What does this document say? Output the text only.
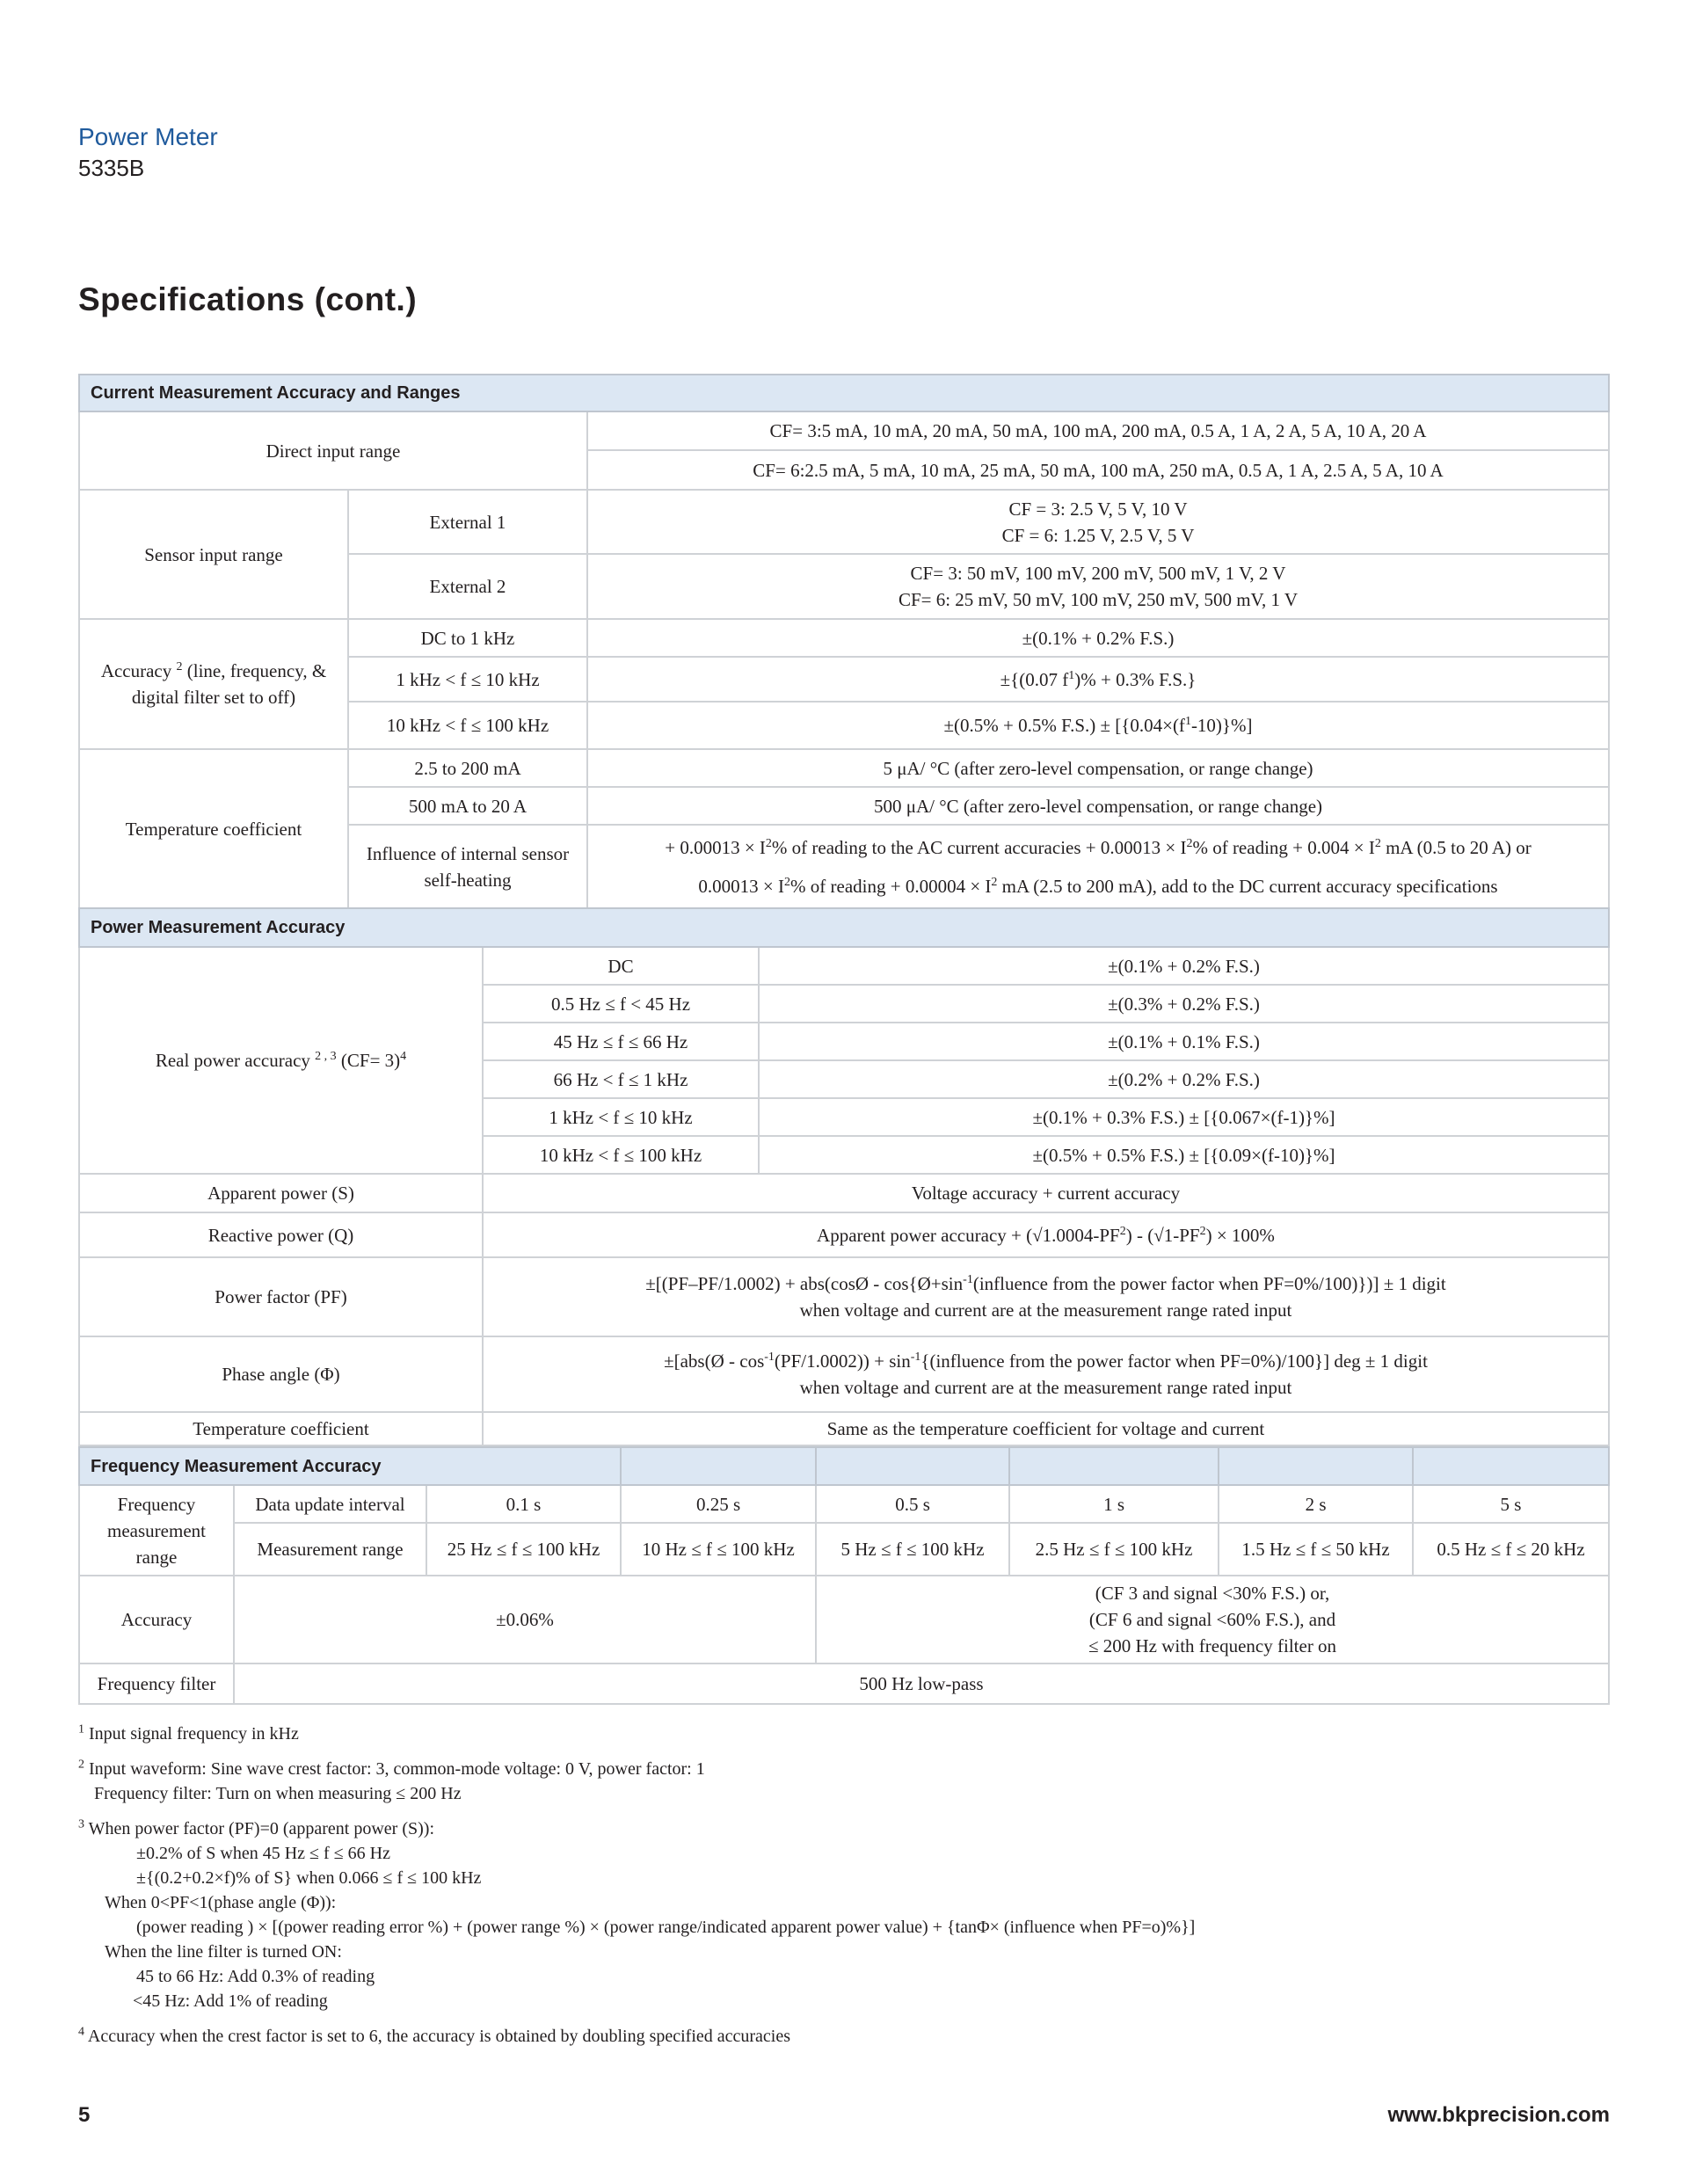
Power Meter
5335B
Specifications (cont.)
Current Measurement Accuracy and Ranges		
Direct input range		CF= 3:5 mA, 10 mA, 20 mA, 50 mA, 100 mA, 200 mA, 0.5 A, 1 A, 2 A, 5 A, 10 A, 20 A
		CF= 6:2.5 mA, 5 mA, 10 mA, 25 mA, 50 mA, 100 mA, 250 mA, 0.5 A, 1 A, 2.5 A, 5 A, 10 A
Sensor input range	External 1	CF = 3: 2.5 V, 5 V, 10 V
CF = 6: 1.25 V, 2.5 V, 5 V

	External 2	CF= 3: 50 mV, 100 mV, 200 mV, 500 mV, 1 V, 2 V
CF= 6: 25 mV, 50 mV, 100 mV, 250 mV, 500 mV, 1 V

Accuracy $^2$ (line, frequency, & digital filter set to off)	DC to 1 kHz	±(0.1% + 0.2% F.S.)
	1 kHz < f ≤ 10 kHz	±{(0.07 $f^1)\% + 0.3\%$ F.S.}
	10 kHz < f ≤ 100 kHz	±(0.5% + 0.5% $F.S.) \pm [\{0.04\times(f^1-10)\}\%]$
Temperature coefficient	2.5 to 200 mA	5 μA/ °C (after zero-level compensation, or range change)
	500 mA to 20 A	500 μA/ °C (after zero-level compensation, or range change)
	Influence of internal sensor self-heating	+ $0.00013 \times I^2\%$ of reading to the AC current accuracies + $0.00013 \times I^2\%$ of reading + $0.004 \times I^2$ mA (0.5 to 20 A) or
$0.00013 \times I^2\%$ of reading + $0.00004 \times I^2$ mA (2.5 to 200 mA), add to the DC current accuracy specifications
Power Measurement Accuracy		
Real power accuracy $^{2 , 3}$ (CF= 3)$^4$	DC	±(0.1% + 0.2% F.S.)
	0.5 Hz ≤ f < 45 Hz	±(0.3% + 0.2% F.S.)
	45 Hz ≤ f ≤ 66 Hz	±(0.1% + 0.1% F.S.)
	66 Hz < f ≤ 1 kHz	±(0.2% + 0.2% F.S.)
	1 kHz < f ≤ 10 kHz	±(0.1% + 0.3% F.S.) ± [{0.067×(f-1)}%]
	10 kHz < f ≤ 100 kHz	±(0.5% + 0.5% F.S.) ± [{0.09×(f-10)}%]
Apparent power (S)	Voltage accuracy + current accuracy	
Reactive power (Q)	Apparent power accuracy + $(√1.0004-PF^2) - (√1-PF^2) \times 100\%$	
Power factor (PF)	±[(PF–PF/1.0002) + abs(cosØ - $\cos\{Ø+\sin^{-1}(influence$ from the power factor when PF=0%/100)})] ± 1 digit
when voltage and current are at the measurement range rated input	

Phase angle (Φ)	±[abs(Ø - $\cos^{-1}(PF/1.0002)$) + $\sin^{-1}\{(influence$ from the power factor when PF=0%)/100}] deg ± 1 digit
when voltage and current are at the measurement range rated input	

Temperature coefficient	Same as the temperature coefficient for voltage and current	
Frequency Measurement Accuracy							
Frequency measurement range	Data update interval	0.1 s	0.25 s	0.5 s	1 s	2 s	5 s
	Measurement range	25 Hz ≤ f ≤ 100 kHz	10 Hz ≤ f ≤ 100 kHz	5 Hz ≤ f ≤ 100 kHz	2.5 Hz ≤ f ≤ 100 kHz	1.5 Hz ≤ f ≤ 50 kHz	0.5 Hz ≤ f ≤ 20 kHz
Accuracy	±0.06%			(CF 3 and signal <30% F.S.) or,
(CF 6 and signal <60% F.S.), and
≤ 200 Hz with frequency filter on			

Frequency filter	500 Hz low-pass						
$^1$ Input signal frequency in kHz
$^2$ Input waveform: Sine wave crest factor: 3, common-mode voltage: 0 V, power factor: 1
Frequency filter: Turn on when measuring ≤ 200 Hz
$^3$ When power factor (PF)=0 (apparent power (S)):
±0.2% of S when 45 Hz ≤ f ≤ 66 Hz
±{(0.2+0.2×f)% of S} when 0.066 ≤ f ≤ 100 kHz
When 0<PF<1(phase angle (Φ)):
(power reading ) × [(power reading error %) + (power range %) × (power range/indicated apparent power value) + {tanΦ× (influence when PF=o)%}]
When the line filter is turned ON:
45 to 66 Hz: Add 0.3% of reading
<45 Hz: Add 1% of reading
$^4$ Accuracy when the crest factor is set to 6, the accuracy is obtained by doubling specified accuracies
5	www.bkprecision.com
